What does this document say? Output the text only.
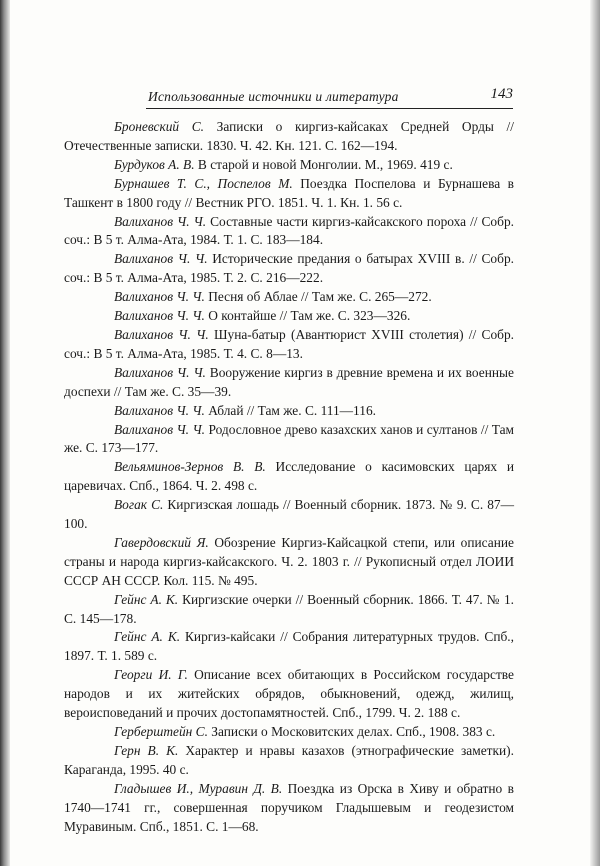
Использованные источники и литература	143

Броневский С. Записки о киргиз-кайсаках Средней Орды // Отечественные записки. 1830. Ч. 42. Кн. 121. С. 162—194.

Бурдуков А. В. В старой и новой Монголии. М., 1969. 419 с.

Бурнашев Т. С., Поспелов М. Поездка Поспелова и Бурнашева в Ташкент в 1800 году // Вестник РГО. 1851. Ч. 1. Кн. 1. 56 с.

Валиханов Ч. Ч. Составные части киргиз-кайсакского пороха // Собр. соч.: В 5 т. Алма-Ата, 1984. Т. 1. С. 183—184.

Валиханов Ч. Ч. Исторические предания о батырах XVIII в. // Собр. соч.: В 5 т. Алма-Ата, 1985. Т. 2. С. 216—222.

Валиханов Ч. Ч. Песня об Аблае // Там же. С. 265—272.

Валиханов Ч. Ч. О контайше // Там же. С. 323—326.

Валиханов Ч. Ч. Шуна-батыр (Авантюрист XVIII столетия) // Собр. соч.: В 5 т. Алма-Ата, 1985. Т. 4. С. 8—13.

Валиханов Ч. Ч. Вооружение киргиз в древние времена и их военные доспехи // Там же. С. 35—39.

Валиханов Ч. Ч. Аблай // Там же. С. 111—116.

Валиханов Ч. Ч. Родословное древо казахских ханов и султанов // Там же. С. 173—177.

Вельяминов-Зернов В. В. Исследование о касимовских царях и царевичах. Спб., 1864. Ч. 2. 498 с.

Вогак С. Киргизская лошадь // Военный сборник. 1873. № 9. С. 87—100.

Гавердовский Я. Обозрение Киргиз-Кайсацкой степи, или описание страны и народа киргиз-кайсакского. Ч. 2. 1803 г. // Рукописный отдел ЛОИИ СССР АН СССР. Кол. 115. № 495.

Гейнс А. К. Киргизские очерки // Военный сборник. 1866. Т. 47. № 1. С. 145—178.

Гейнс А. К. Киргиз-кайсаки // Собрания литературных трудов. Спб., 1897. Т. 1. 589 с.

Георги И. Г. Описание всех обитающих в Российском государстве народов и их житейских обрядов, обыкновений, одежд, жилищ, вероисповеданий и прочих достопамятностей. Спб., 1799. Ч. 2. 188 с.

Герберштейн С. Записки о Московитских делах. Спб., 1908. 383 с.

Герн В. К. Характер и нравы казахов (этнографические заметки). Караганда, 1995. 40 с.

Гладышев И., Муравин Д. В. Поездка из Орска в Хиву и обратно в 1740—1741 гг., совершенная поручиком Гладышевым и геодезистом Муравиным. Спб., 1851. С. 1—68.
